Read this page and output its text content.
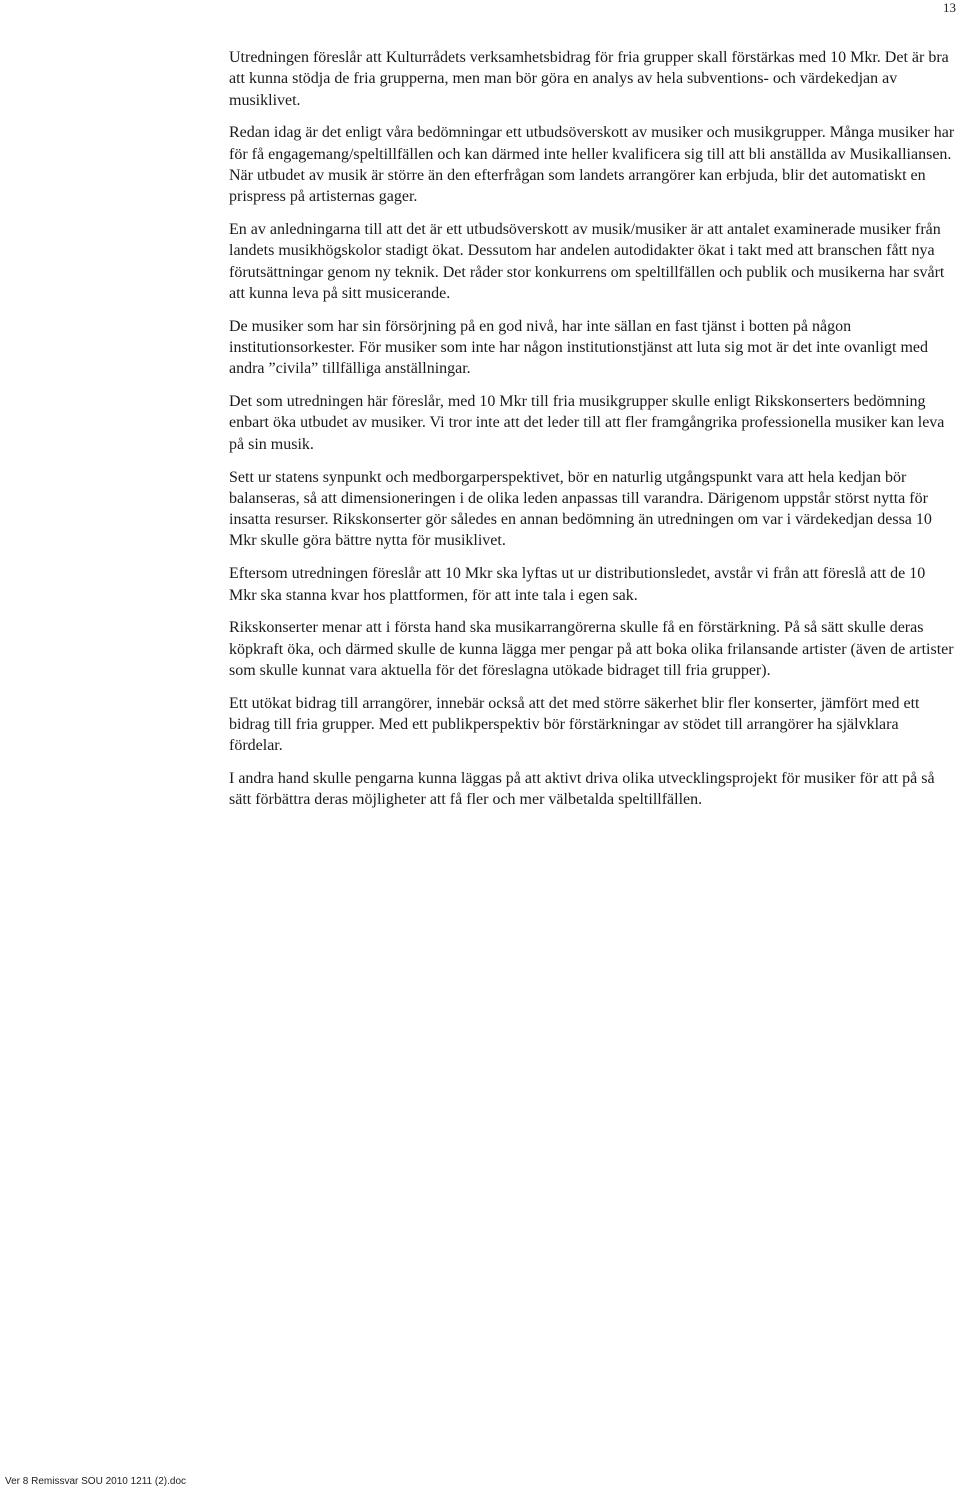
13

Utredningen föreslår att Kulturrådets verksamhetsbidrag för fria grupper skall förstärkas med 10 Mkr. Det är bra att kunna stödja de fria grupperna, men man bör göra en analys av hela subventions- och värdekedjan av musiklivet.

Redan idag är det enligt våra bedömningar ett utbudsöverskott av musiker och musikgrupper. Många musiker har för få engagemang/speltillfällen och kan därmed inte heller kvalificera sig till att bli anställda av Musikalliansen. När utbudet av musik är större än den efterfrågan som landets arrangörer kan erbjuda, blir det automatiskt en prispress på artisternas gager.

En av anledningarna till att det är ett utbudsöverskott av musik/musiker är att antalet examinerade musiker från landets musikhögskolor stadigt ökat. Dessutom har andelen autodidakter ökat i takt med att branschen fått nya förutsättningar genom ny teknik. Det råder stor konkurrens om speltillfällen och publik och musikerna har svårt att kunna leva på sitt musicerande.

De musiker som har sin försörjning på en god nivå, har inte sällan en fast tjänst i botten på någon institutionsorkester. För musiker som inte har någon institutionstjänst att luta sig mot är det inte ovanligt med andra ”civila” tillfälliga anställningar.

Det som utredningen här föreslår, med 10 Mkr till fria musikgrupper skulle enligt Rikskonserters bedömning enbart öka utbudet av musiker. Vi tror inte att det leder till att fler framgångrika professionella musiker kan leva på sin musik.

Sett ur statens synpunkt och medborgarperspektivet, bör en naturlig utgångspunkt vara att hela kedjan bör balanseras, så att dimensioneringen i de olika leden anpassas till varandra. Därigenom uppstår störst nytta för insatta resurser. Rikskonserter gör således en annan bedömning än utredningen om var i värdekedjan dessa 10 Mkr skulle göra bättre nytta för musiklivet.

Eftersom utredningen föreslår att 10 Mkr ska lyftas ut ur distributionsledet, avstår vi från att föreslå att de 10 Mkr ska stanna kvar hos plattformen, för att inte tala i egen sak.

Rikskonserter menar att i första hand ska musikarrangörerna skulle få en förstärkning. På så sätt skulle deras köpkraft öka, och därmed skulle de kunna lägga mer pengar på att boka olika frilansande artister (även de artister som skulle kunnat vara aktuella för det föreslagna utökade bidraget till fria grupper).

Ett utökat bidrag till arrangörer, innebär också att det med större säkerhet blir fler konserter, jämfört med ett bidrag till fria grupper. Med ett publikperspektiv bör förstärkningar av stödet till arrangörer ha självklara fördelar.

I andra hand skulle pengarna kunna läggas på att aktivt driva olika utvecklingsprojekt för musiker för att på så sätt förbättra deras möjligheter att få fler och mer välbetalda speltillfällen.

Ver 8 Remissvar SOU 2010 1211 (2).doc
